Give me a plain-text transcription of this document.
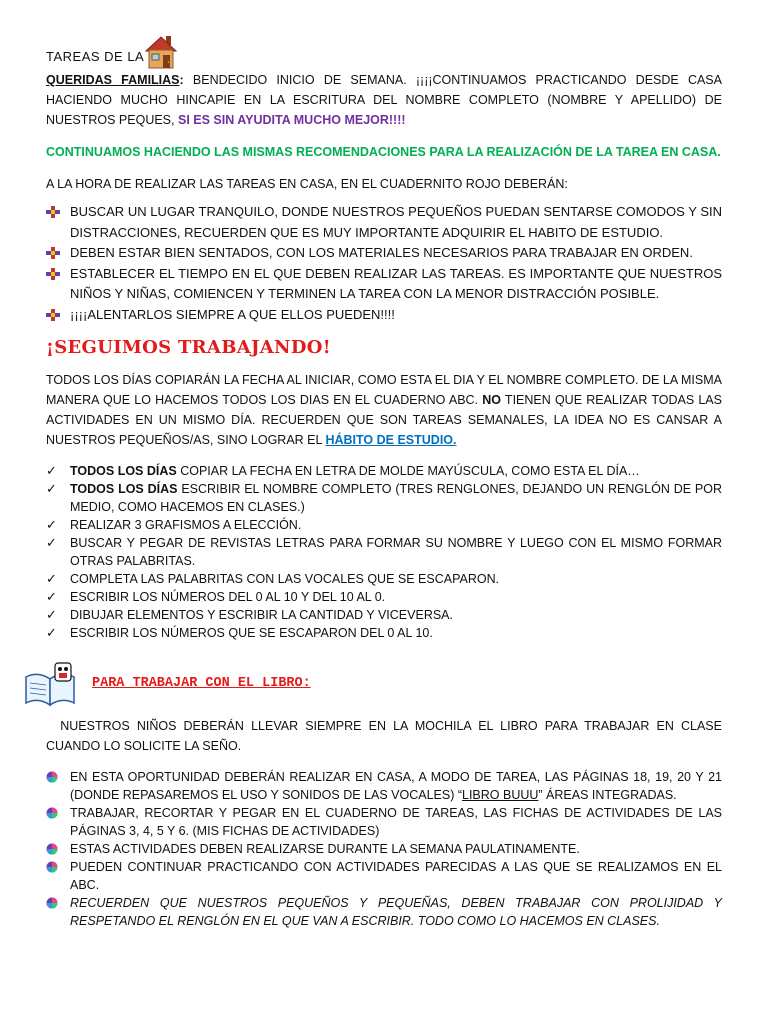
TAREAS DE LA

QUERIDAS FAMILIAS: BENDECIDO INICIO DE SEMANA. ¡¡¡¡CONTINUAMOS PRACTICANDO DESDE CASA HACIENDO MUCHO HINCAPIE EN LA ESCRITURA DEL NOMBRE COMPLETO (NOMBRE Y APELLIDO) DE NUESTROS PEQUES, SI ES SIN AYUDITA MUCHO MEJOR!!!!

CONTINUAMOS HACIENDO LAS MISMAS RECOMENDACIONES PARA LA REALIZACIÓN DE LA TAREA EN CASA.

A LA HORA DE REALIZAR LAS TAREAS EN CASA, EN EL CUADERNITO ROJO DEBERÁN:

BUSCAR UN LUGAR TRANQUILO, DONDE NUESTROS PEQUEÑOS PUEDAN SENTARSE COMODOS Y SIN DISTRACCIONES, RECUERDEN QUE ES MUY IMPORTANTE ADQUIRIR EL HABITO DE ESTUDIO.
DEBEN ESTAR BIEN SENTADOS, CON LOS MATERIALES NECESARIOS PARA TRABAJAR EN ORDEN.
ESTABLECER EL TIEMPO EN EL QUE DEBEN REALIZAR LAS TAREAS. ES IMPORTANTE QUE NUESTROS NIÑOS Y NIÑAS, COMIENCEN Y TERMINEN LA TAREA CON LA MENOR DISTRACCIÓN POSIBLE.
¡¡¡¡ALENTARLOS SIEMPRE A QUE ELLOS PUEDEN!!!!
¡SEGUIMOS TRABAJANDO!

TODOS LOS DÍAS COPIARÁN LA FECHA AL INICIAR, COMO ESTA EL DIA Y EL NOMBRE COMPLETO. DE LA MISMA MANERA QUE LO HACEMOS TODOS LOS DIAS EN EL CUADERNO ABC. NO TIENEN QUE REALIZAR TODAS LAS ACTIVIDADES EN UN MISMO DÍA. RECUERDEN QUE SON TAREAS SEMANALES, LA IDEA NO ES CANSAR A NUESTROS PEQUEÑOS/AS, SINO LOGRAR EL HÁBITO DE ESTUDIO.

✓ TODOS LOS DÍAS COPIAR LA FECHA EN LETRA DE MOLDE MAYÚSCULA, COMO ESTA EL DÍA…
✓ TODOS LOS DÍAS ESCRIBIR EL NOMBRE COMPLETO (TRES RENGLONES, DEJANDO UN RENGLÓN DE POR MEDIO, COMO HACEMOS EN CLASES.)
✓ REALIZAR 3 GRAFISMOS A ELECCIÓN.
✓ BUSCAR Y PEGAR DE REVISTAS LETRAS PARA FORMAR SU NOMBRE Y LUEGO CON EL MISMO FORMAR OTRAS PALABRITAS.
✓ COMPLETA LAS PALABRITAS CON LAS VOCALES QUE SE ESCAPARON.
✓ ESCRIBIR LOS NÚMEROS DEL 0 AL 10 Y DEL 10 AL 0.
✓ DIBUJAR ELEMENTOS Y ESCRIBIR LA CANTIDAD Y VICEVERSA.
✓ ESCRIBIR LOS NÚMEROS QUE SE ESCAPARON DEL 0 AL 10.
PARA TRABAJAR CON EL LIBRO:

NUESTROS NIÑOS DEBERÁN LLEVAR SIEMPRE EN LA MOCHILA EL LIBRO PARA TRABAJAR EN CLASE CUANDO LO SOLICITE LA SEÑO.

EN ESTA OPORTUNIDAD DEBERÁN REALIZAR EN CASA, A MODO DE TAREA, LAS PÁGINAS 18, 19, 20 Y 21 (DONDE REPASAREMOS EL USO Y SONIDOS DE LAS VOCALES) “LIBRO BUUU” ÁREAS INTEGRADAS.
TRABAJAR, RECORTAR Y PEGAR EN EL CUADERNO DE TAREAS, LAS FICHAS DE ACTIVIDADES DE LAS PÁGINAS 3, 4, 5 Y 6. (MIS FICHAS DE ACTIVIDADES)
ESTAS ACTIVIDADES DEBEN REALIZARSE DURANTE LA SEMANA PAULATINAMENTE.
PUEDEN CONTINUAR PRACTICANDO CON ACTIVIDADES PARECIDAS A LAS QUE SE REALIZAMOS EN EL ABC.
RECUERDEN QUE NUESTROS PEQUEÑOS Y PEQUEÑAS, DEBEN TRABAJAR CON PROLIJIDAD Y RESPETANDO EL RENGLÓN EN EL QUE VAN A ESCRIBIR. TODO COMO LO HACEMOS EN CLASES.
